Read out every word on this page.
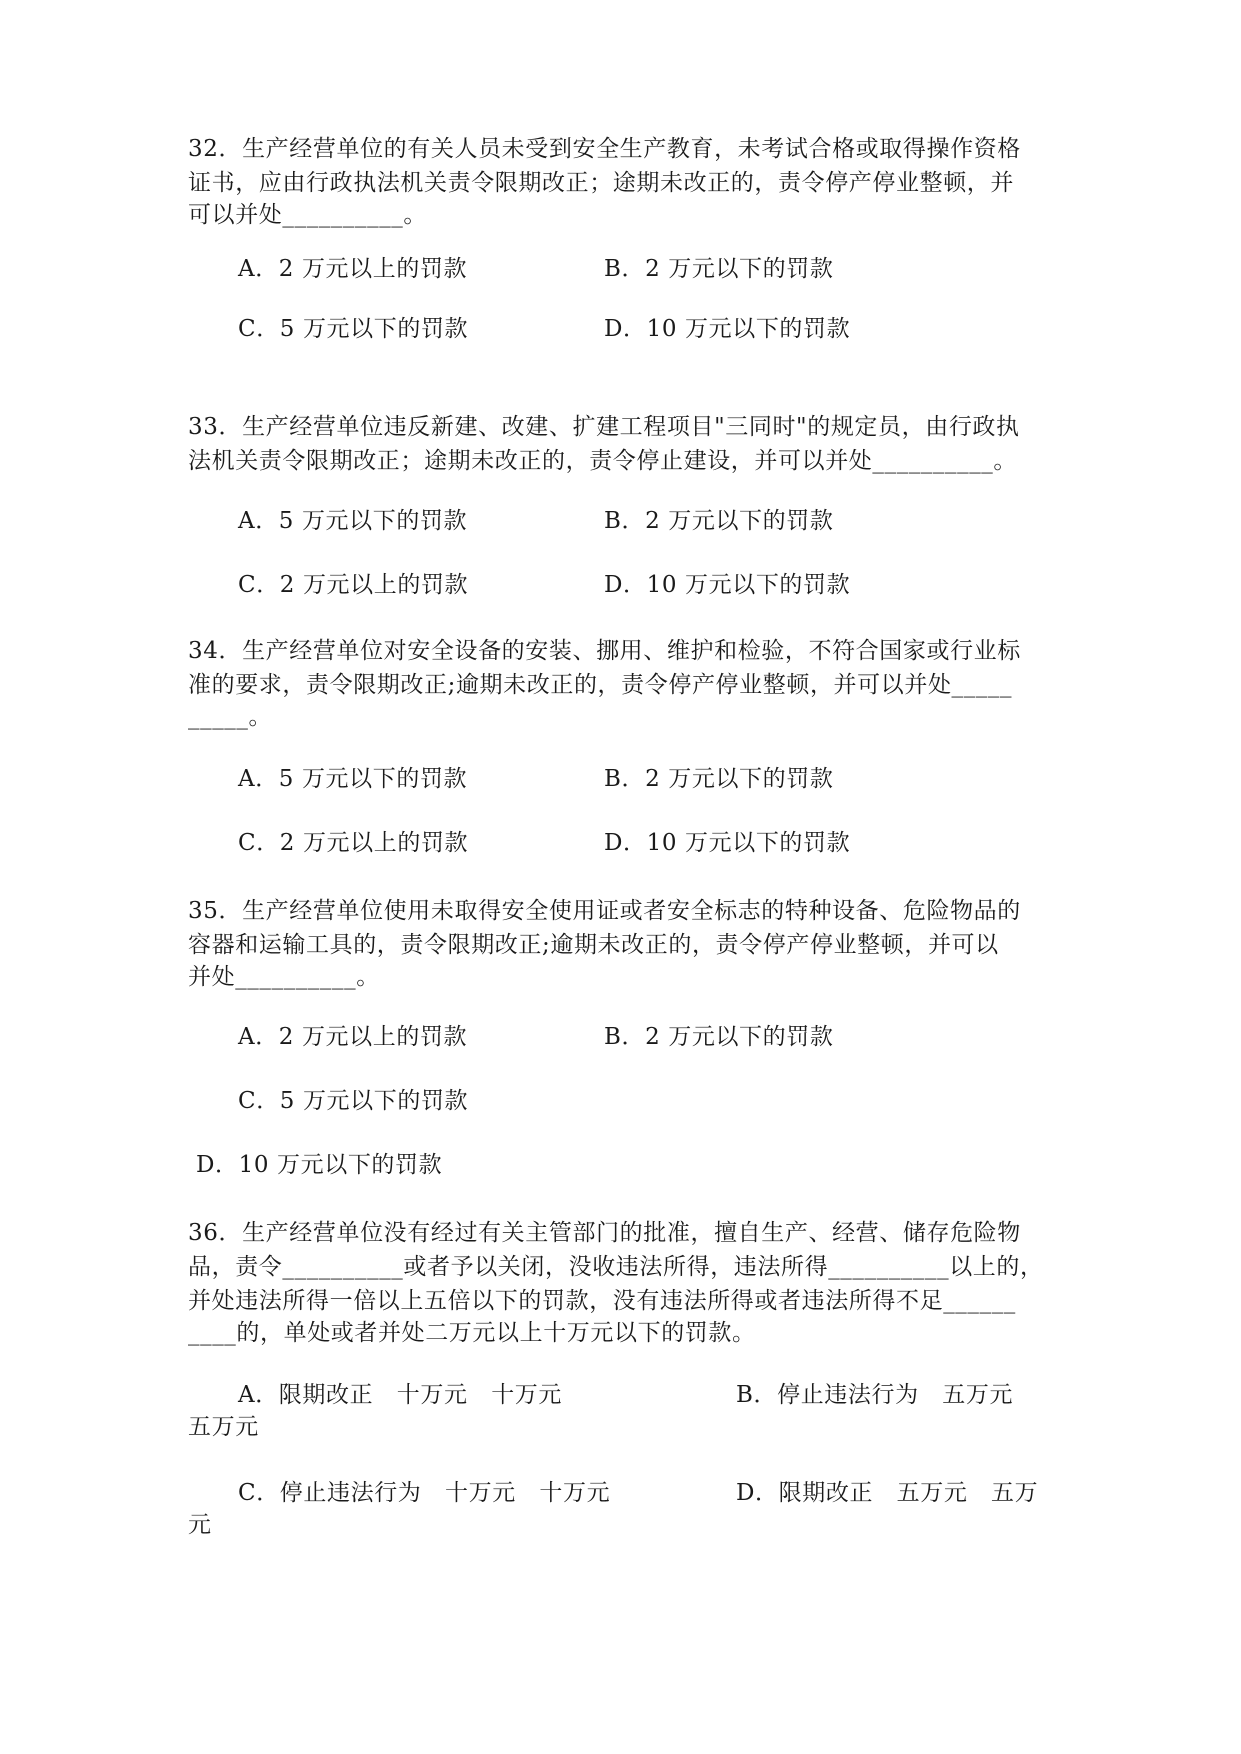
32．生产经营单位的有关人员未受到安全生产教育，未考试合格或取得操作资格
证书，应由行政执法机关责令限期改正；途期未改正的，责令停产停业整顿，并
可以并处__________。
A．2 万元以上的罚款	B．2 万元以下的罚款
C．5 万元以下的罚款	D．10 万元以下的罚款
33．生产经营单位违反新建、改建、扩建工程项目"三同时"的规定员，由行政执
法机关责令限期改正；途期未改正的，责令停止建设，并可以并处__________。
A．5 万元以下的罚款	B．2 万元以下的罚款
C．2 万元以上的罚款	D．10 万元以下的罚款
34．生产经营单位对安全设备的安装、挪用、维护和检验，不符合国家或行业标
准的要求，责令限期改正;逾期未改正的，责令停产停业整顿，并可以并处_____
_____。
A．5 万元以下的罚款	B．2 万元以下的罚款
C．2 万元以上的罚款	D．10 万元以下的罚款
35．生产经营单位使用未取得安全使用证或者安全标志的特种设备、危险物品的
容器和运输工具的，责令限期改正;逾期未改正的，责令停产停业整顿，并可以
并处__________。
A．2 万元以上的罚款	B．2 万元以下的罚款
C．5 万元以下的罚款
D．10 万元以下的罚款
36．生产经营单位没有经过有关主管部门的批准，擅自生产、经营、储存危险物
品，责令__________或者予以关闭，没收违法所得，违法所得__________以上的，
并处违法所得一倍以上五倍以下的罚款，没有违法所得或者违法所得不足______
____的，单处或者并处二万元以上十万元以下的罚款。
A．限期改正　十万元　十万元	B．停止违法行为　五万元
五万元
C．停止违法行为　十万元　十万元	D．限期改正　五万元　五万
元
